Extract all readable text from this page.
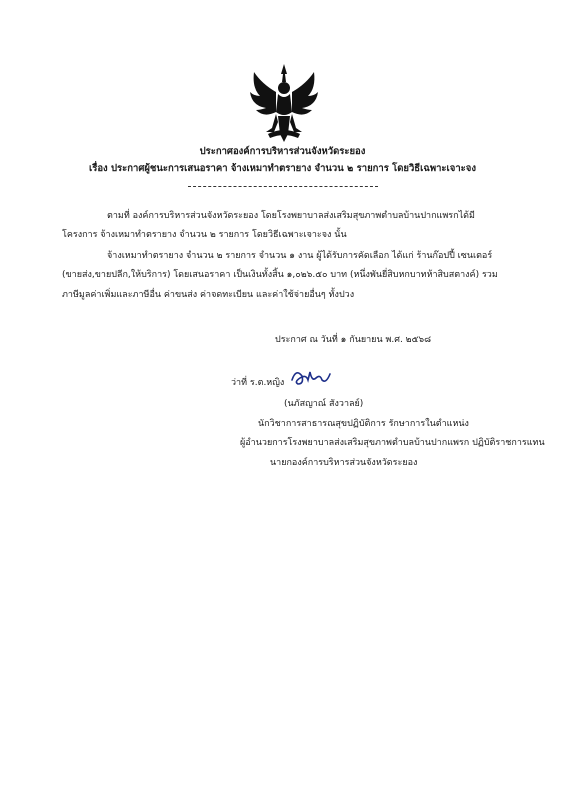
ประกาศองค์การบริหารส่วนจังหวัดระยอง
เรื่อง ประกาศผู้ชนะการเสนอราคา จ้างเหมาทำตรายาง จำนวน ๒ รายการ โดยวิธีเฉพาะเจาะจง
ตามที่ องค์การบริหารส่วนจังหวัดระยอง โดยโรงพยาบาลส่งเสริมสุขภาพตำบลบ้านปากแพรกได้มี
โครงการ จ้างเหมาทำตรายาง จำนวน ๒ รายการ โดยวิธีเฉพาะเจาะจง นั้น
จ้างเหมาทำตรายาง จำนวน ๒ รายการ จำนวน ๑ งาน ผู้ได้รับการคัดเลือก ได้แก่ ร้านก๊อปปี้ เซนเตอร์
(ขายส่ง,ขายปลีก,ให้บริการ) โดยเสนอราคา เป็นเงินทั้งสิ้น ๑,๐๒๖.๕๐ บาท (หนึ่งพันยี่สิบหกบาทห้าสิบสตางค์) รวม
ภาษีมูลค่าเพิ่มและภาษีอื่น ค่าขนส่ง ค่าจดทะเบียน และค่าใช้จ่ายอื่นๆ ทั้งปวง
ประกาศ ณ วันที่ ๑ กันยายน พ.ศ. ๒๕๖๘
ว่าที่ ร.ต.หญิง
(นภัสญาณ์ สังวาลย์)
นักวิชาการสาธารณสุขปฏิบัติการ รักษาการในตำแหน่ง
ผู้อำนวยการโรงพยาบาลส่งเสริมสุขภาพตำบลบ้านปากแพรก ปฏิบัติราชการแทน
นายกองค์การบริหารส่วนจังหวัดระยอง
